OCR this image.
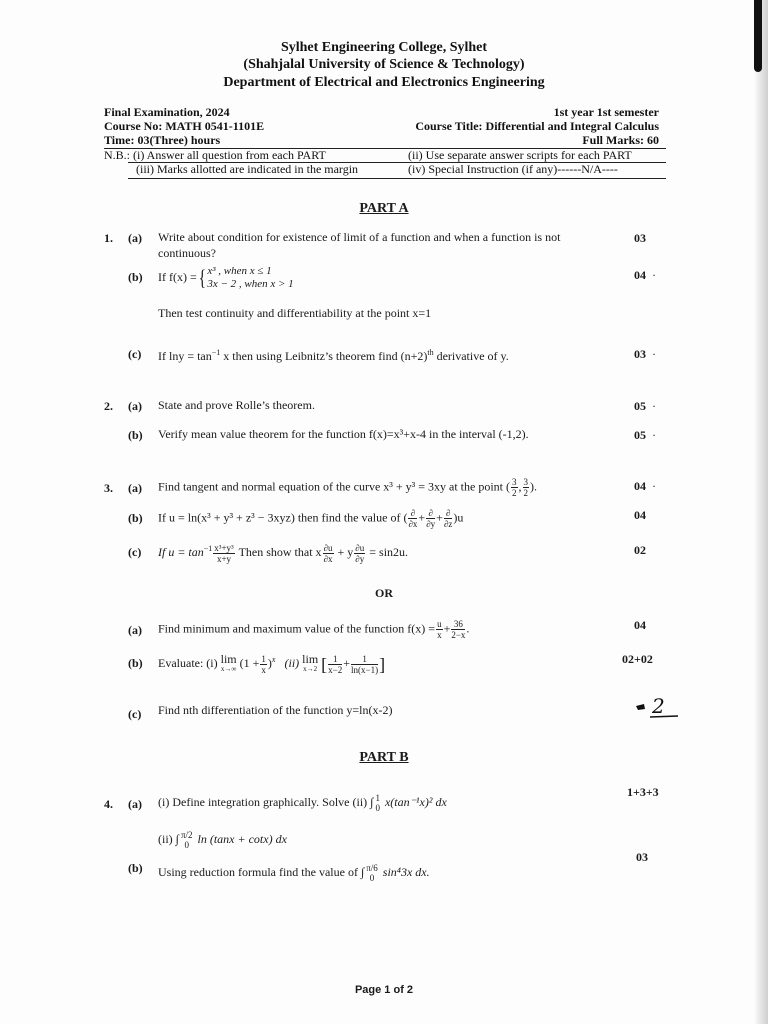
Sylhet Engineering College, Sylhet
(Shahjalal University of Science & Technology)
Department of Electrical and Electronics Engineering
Final Examination, 2024	1st year 1st semester
Course No: MATH 0541-1101E	Course Title: Differential and Integral Calculus
Time: 03(Three) hours	Full Marks: 60
N.B.: (i) Answer all question from each PART	(ii) Use separate answer scripts for each PART
(iii) Marks allotted are indicated in the margin	(iv) Special Instruction (if any)------N/A----
PART A
1. (a) Write about condition for existence of limit of a function and when a function is not
continuous?
03
(b) If f(x) ={ x³ , when x ≤ 1
3x − 2 , when x > 1
04 ·
Then test continuity and differentiability at the point x=1
(c) If $\ln y = \tan^{-1} x$ then using Leibnitz’s theorem find $(n+2)^{th}$ derivative of y.	03 ·
2. (a) State and prove Rolle’s theorem.	05 ·
(b) Verify mean value theorem for the function f(x)=x³+x-4 in the interval (-1,2).	05 ·
3. (a) Find tangent and normal equation of the curve x³ + y³ = 3xy at the point ( $\frac{3}{2}$ , $\frac{3}{2}$ ).	04 ·
(b) If u = ln(x³ + y³ + z³ − 3xyz) then find the value of ( $\frac{\partial}{\partial x} + \frac{\partial}{\partial y} + \frac{\partial}{\partial z} )u$	04
(c) If $u = \tan^{-1} \frac{\text{x³+y³}}{x+y}$ Then show that x $\frac{\partial u}{\partial x} + y \frac{\partial u}{\partial y} = \sin 2u$.	02
OR
(a) Find minimum and maximum value of the function $f(x) = \frac{u}{x} + \frac{36}{2-x}$ .	04
(b) Evaluate: (i) lim
x→∞ $(1 + \frac{1}{x} )^x$ (ii) lim
x→2 [ $\frac{1}{x-2} + \frac{1}{\ln(x-1)}$ ]	02+02
(c) Find nth differentiation of the function y=ln(x-2)	2
PART B
4. (a) (i) Define integration graphically. Solve (ii) ∫ 1
0 x(tan⁻¹x)² dx
1+3+3
(ii) ∫ π/2
0 ln (tanx + cotx) dx
(b) Using reduction formula find the value of ∫ π/6
0 sin⁴3x dx.
03
Page 1 of 2
